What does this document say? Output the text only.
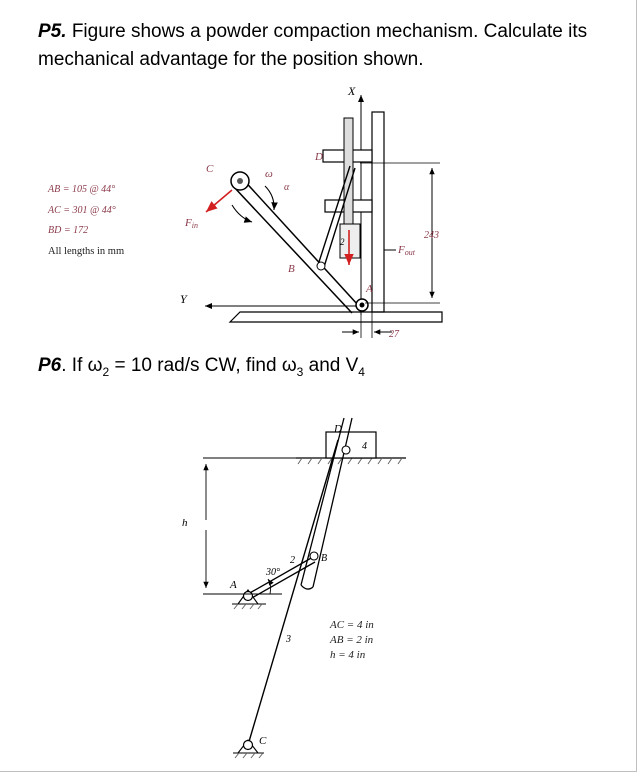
P5. Figure shows a powder compaction mechanism. Calculate its mechanical advantage for the position shown.
AB = 105 @ 44°
AC = 301 @ 44°
BD = 172
All lengths in mm
X
Y
C
D
B
A
ω
α
Fin
Fout
243
27
2
D
4
h
30°
2	B
A
3
C
P6. If $\omega_2 = 10$ rad/s CW, find $\omega_3$ and $V_4$
AC = 4 in
AB = 2 in
h = 4 in
